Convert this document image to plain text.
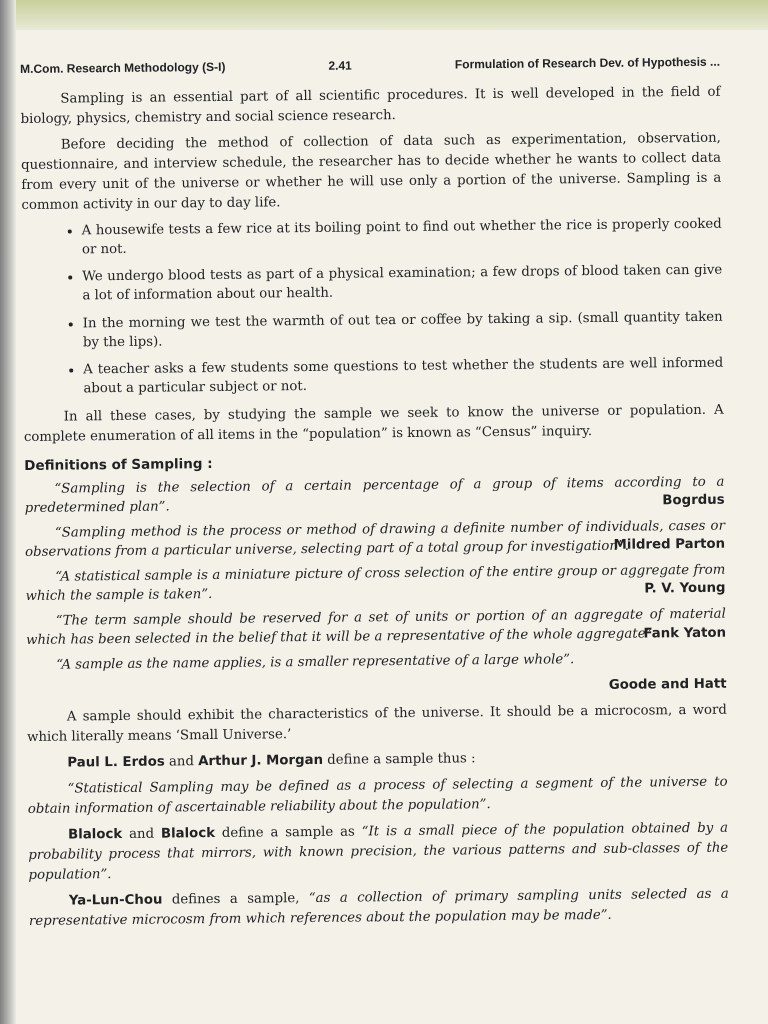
M.Com. Research Methodology (S-I)	2.41	Formulation of Research Dev. of Hypothesis ...

Sampling is an essential part of all scientific procedures. It is well developed in the field of biology, physics, chemistry and social science research.

Before deciding the method of collection of data such as experimentation, observation, questionnaire, and interview schedule, the researcher has to decide whether he wants to collect data from every unit of the universe or whether he will use only a portion of the universe. Sampling is a common activity in our day to day life.

• A housewife tests a few rice at its boiling point to find out whether the rice is properly cooked or not.
• We undergo blood tests as part of a physical examination; a few drops of blood taken can give a lot of information about our health.
• In the morning we test the warmth of out tea or coffee by taking a sip. (small quantity taken by the lips).
• A teacher asks a few students some questions to test whether the students are well informed about a particular subject or not.

In all these cases, by studying the sample we seek to know the universe or population. A complete enumeration of all items in the “population” is known as “Census” inquiry.

Definitions of Sampling :

“Sampling is the selection of a certain percentage of a group of items according to a predetermined plan”.	Bogrdus

“Sampling method is the process or method of drawing a definite number of individuals, cases or observations from a particular universe, selecting part of a total group for investigation”.

Mildred Parton

“A statistical sample is a miniature picture of cross selection of the entire group or aggregate from which the sample is taken”.	P. V. Young

“The term sample should be reserved for a set of units or portion of an aggregate of material which has been selected in the belief that it will be a representative of the whole aggregate”.

Fank Yaton

“A sample as the name applies, is a smaller representative of a large whole”.

Goode and Hatt

A sample should exhibit the characteristics of the universe. It should be a microcosm, a word which literally means ‘Small Universe.’

Paul L. Erdos and Arthur J. Morgan define a sample thus :

“Statistical Sampling may be defined as a process of selecting a segment of the universe to obtain information of ascertainable reliability about the population”.

Blalock and Blalock define a sample as “It is a small piece of the population obtained by a probability process that mirrors, with known precision, the various patterns and sub-classes of the population”.

Ya-Lun-Chou defines a sample, “as a collection of primary sampling units selected as a representative microcosm from which references about the population may be made”.
